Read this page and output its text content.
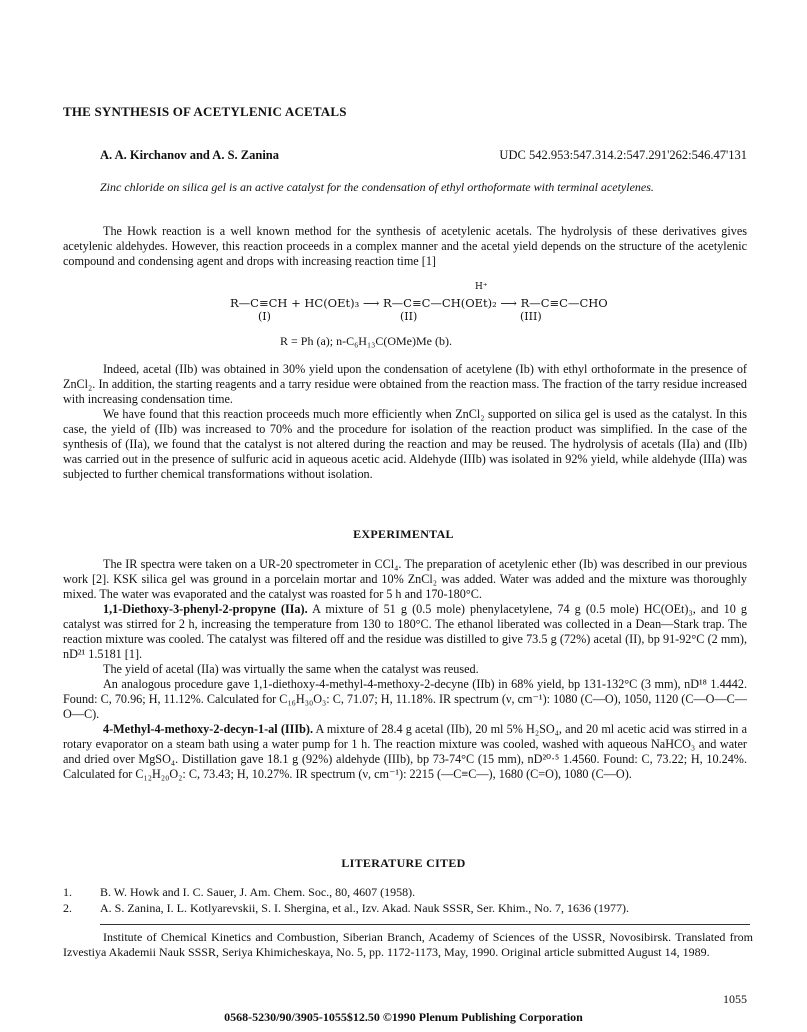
THE SYNTHESIS OF ACETYLENIC ACETALS
A. A. Kirchanov and A. S. Zanina	UDC 542.953:547.314.2:547.291'262:546.47'131
Zinc chloride on silica gel is an active catalyst for the condensation of ethyl orthoformate with terminal acetylenes.

The Howk reaction is a well known method for the synthesis of acetylenic acetals. The hydrolysis of these derivatives gives acetylenic aldehydes. However, this reaction proceeds in a complex manner and the acetal yield depends on the structure of the acetylenic compound and condensing agent and drops with increasing reaction time [1]

H⁺
R—C≡CH + HC(OEt)₃ ⟶ R—C≡C—CH(OEt)₂ ⟶ R—C≡C—CHO
(I)	(II)	(III)
R = Ph (a); n-C₆H₁₃C(OMe)Me (b).

Indeed, acetal (IIb) was obtained in 30% yield upon the condensation of acetylene (Ib) with ethyl orthoformate in the presence of ZnCl₂. In addition, the starting reagents and a tarry residue were obtained from the reaction mass. The fraction of the tarry residue increased with increasing condensation time.

We have found that this reaction proceeds much more efficiently when ZnCl₂ supported on silica gel is used as the catalyst. In this case, the yield of (IIb) was increased to 70% and the procedure for isolation of the reaction product was simplified. In the case of the synthesis of (IIa), we found that the catalyst is not altered during the reaction and may be reused. The hydrolysis of acetals (IIa) and (IIb) was carried out in the presence of sulfuric acid in aqueous acetic acid. Aldehyde (IIIb) was isolated in 92% yield, while aldehyde (IIIa) was subjected to further chemical transformations without isolation.

EXPERIMENTAL

The IR spectra were taken on a UR-20 spectrometer in CCl₄. The preparation of acetylenic ether (Ib) was described in our previous work [2]. KSK silica gel was ground in a porcelain mortar and 10% ZnCl₂ was added. Water was added and the mixture was thoroughly mixed. The water was evaporated and the catalyst was roasted for 5 h and 170-180°C.

1,1-Diethoxy-3-phenyl-2-propyne (IIa). A mixture of 51 g (0.5 mole) phenylacetylene, 74 g (0.5 mole) HC(OEt)₃, and 10 g catalyst was stirred for 2 h, increasing the temperature from 130 to 180°C. The ethanol liberated was collected in a Dean—Stark trap. The reaction mixture was cooled. The catalyst was filtered off and the residue was distilled to give 73.5 g (72%) acetal (II), bp 91-92°C (2 mm), nD²¹ 1.5181 [1].

The yield of acetal (IIa) was virtually the same when the catalyst was reused.

An analogous procedure gave 1,1-diethoxy-4-methyl-4-methoxy-2-decyne (IIb) in 68% yield, bp 131-132°C (3 mm), nD¹⁸ 1.4442. Found: C, 70.96; H, 11.12%. Calculated for C₁₆H₃₀O₃: C, 71.07; H, 11.18%. IR spectrum (ν, cm⁻¹): 1080 (C—O), 1050, 1120 (C—O—C—O—C).

4-Methyl-4-methoxy-2-decyn-1-al (IIIb). A mixture of 28.4 g acetal (IIb), 20 ml 5% H₂SO₄, and 20 ml acetic acid was stirred in a rotary evaporator on a steam bath using a water pump for 1 h. The reaction mixture was cooled, washed with aqueous NaHCO₃ and water and dried over MgSO₄. Distillation gave 18.1 g (92%) aldehyde (IIIb), bp 73-74°C (15 mm), nD²⁰·⁵ 1.4560. Found: C, 73.22; H, 10.24%. Calculated for C₁₂H₂₀O₂: C, 73.43; H, 10.27%. IR spectrum (ν, cm⁻¹): 2215 (—C≡C—), 1680 (C=O), 1080 (C—O).

LITERATURE CITED
1.	B. W. Howk and I. C. Sauer, J. Am. Chem. Soc., 80, 4607 (1958).
2.	A. S. Zanina, I. L. Kotlyarevskii, S. I. Shergina, et al., Izv. Akad. Nauk SSSR, Ser. Khim., No. 7, 1636 (1977).

Institute of Chemical Kinetics and Combustion, Siberian Branch, Academy of Sciences of the USSR, Novosibirsk. Translated from Izvestiya Akademii Nauk SSSR, Seriya Khimicheskaya, No. 5, pp. 1172-1173, May, 1990. Original article submitted August 14, 1989.

1055
0568-5230/90/3905-1055$12.50 ©1990 Plenum Publishing Corporation
